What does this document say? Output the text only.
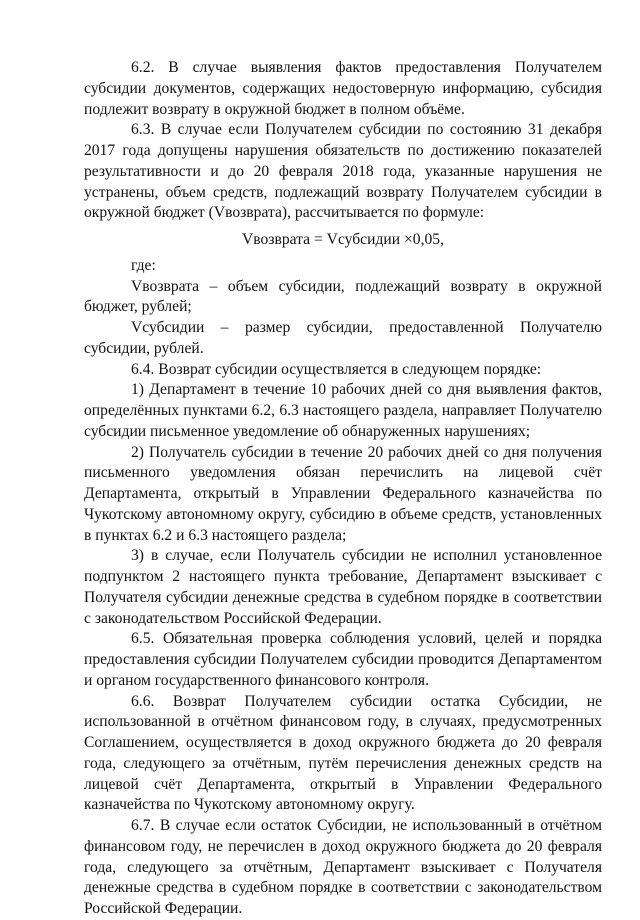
6.2. В случае выявления фактов предоставления Получателем субсидии документов, содержащих недостоверную информацию, субсидия подлежит возврату в окружной бюджет в полном объёме.

6.3. В случае если Получателем субсидии по состоянию 31 декабря 2017 года допущены нарушения обязательств по достижению показателей результативности и до 20 февраля 2018 года, указанные нарушения не устранены, объем средств, подлежащий возврату Получателем субсидии в окружной бюджет (Vвозврата), рассчитывается по формуле:

Vвозврата = Vсубсидии ×0,05,

где:

Vвозврата – объем субсидии, подлежащий возврату в окружной бюджет, рублей;

Vсубсидии – размер субсидии, предоставленной Получателю субсидии, рублей.

6.4. Возврат субсидии осуществляется в следующем порядке:

1) Департамент в течение 10 рабочих дней со дня выявления фактов, определённых пунктами 6.2, 6.3 настоящего раздела, направляет Получателю субсидии письменное уведомление об обнаруженных нарушениях;

2) Получатель субсидии в течение 20 рабочих дней со дня получения письменного уведомления обязан перечислить на лицевой счёт Департамента, открытый в Управлении Федерального казначейства по Чукотскому автономному округу, субсидию в объеме средств, установленных в пунктах 6.2 и 6.3 настоящего раздела;

3) в случае, если Получатель субсидии не исполнил установленное подпунктом 2 настоящего пункта требование, Департамент взыскивает с Получателя субсидии денежные средства в судебном порядке в соответствии с законодательством Российской Федерации.

6.5. Обязательная проверка соблюдения условий, целей и порядка предоставления субсидии Получателем субсидии проводится Департаментом и органом государственного финансового контроля.

6.6. Возврат Получателем субсидии остатка Субсидии, не использованной в отчётном финансовом году, в случаях, предусмотренных Соглашением, осуществляется в доход окружного бюджета до 20 февраля года, следующего за отчётным, путём перечисления денежных средств на лицевой счёт Департамента, открытый в Управлении Федерального казначейства по Чукотскому автономному округу.

6.7. В случае если остаток Субсидии, не использованный в отчётном финансовом году, не перечислен в доход окружного бюджета до 20 февраля года, следующего за отчётным, Департамент взыскивает с Получателя денежные средства в судебном порядке в соответствии с законодательством Российской Федерации.
